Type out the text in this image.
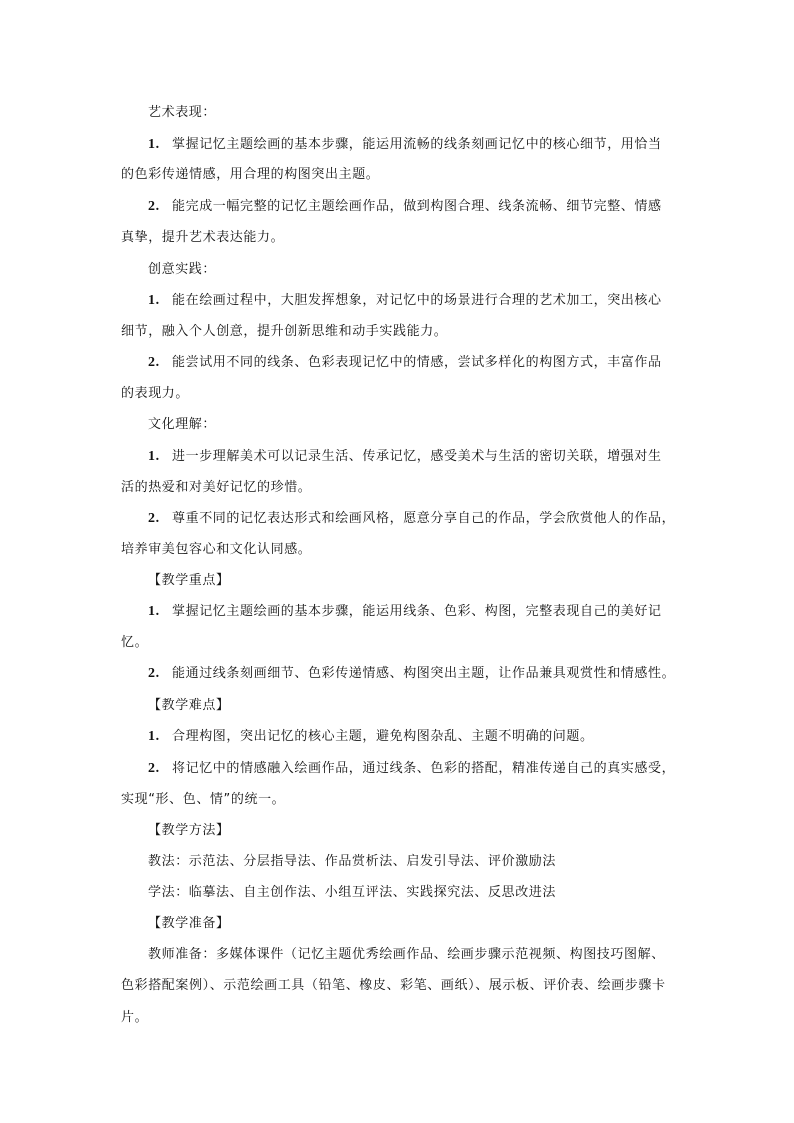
艺术表现：
1. 掌握记忆主题绘画的基本步骤，能运用流畅的线条刻画记忆中的核心细节，用恰当
的色彩传递情感，用合理的构图突出主题。
2. 能完成一幅完整的记忆主题绘画作品，做到构图合理、线条流畅、细节完整、情感
真挚，提升艺术表达能力。
创意实践：
1. 能在绘画过程中，大胆发挥想象，对记忆中的场景进行合理的艺术加工，突出核心
细节，融入个人创意，提升创新思维和动手实践能力。
2. 能尝试用不同的线条、色彩表现记忆中的情感，尝试多样化的构图方式，丰富作品
的表现力。
文化理解：
1. 进一步理解美术可以记录生活、传承记忆，感受美术与生活的密切关联，增强对生
活的热爱和对美好记忆的珍惜。
2. 尊重不同的记忆表达形式和绘画风格，愿意分享自己的作品，学会欣赏他人的作品，
培养审美包容心和文化认同感。
【教学重点】
1. 掌握记忆主题绘画的基本步骤，能运用线条、色彩、构图，完整表现自己的美好记
忆。
2. 能通过线条刻画细节、色彩传递情感、构图突出主题，让作品兼具观赏性和情感性。
【教学难点】
1. 合理构图，突出记忆的核心主题，避免构图杂乱、主题不明确的问题。
2. 将记忆中的情感融入绘画作品，通过线条、色彩的搭配，精准传递自己的真实感受，
实现“形、色、情”的统一。
【教学方法】
教法：示范法、分层指导法、作品赏析法、启发引导法、评价激励法
学法：临摹法、自主创作法、小组互评法、实践探究法、反思改进法
【教学准备】
教师准备：多媒体课件（记忆主题优秀绘画作品、绘画步骤示范视频、构图技巧图解、
色彩搭配案例）、示范绘画工具（铅笔、橡皮、彩笔、画纸）、展示板、评价表、绘画步骤卡
片。
